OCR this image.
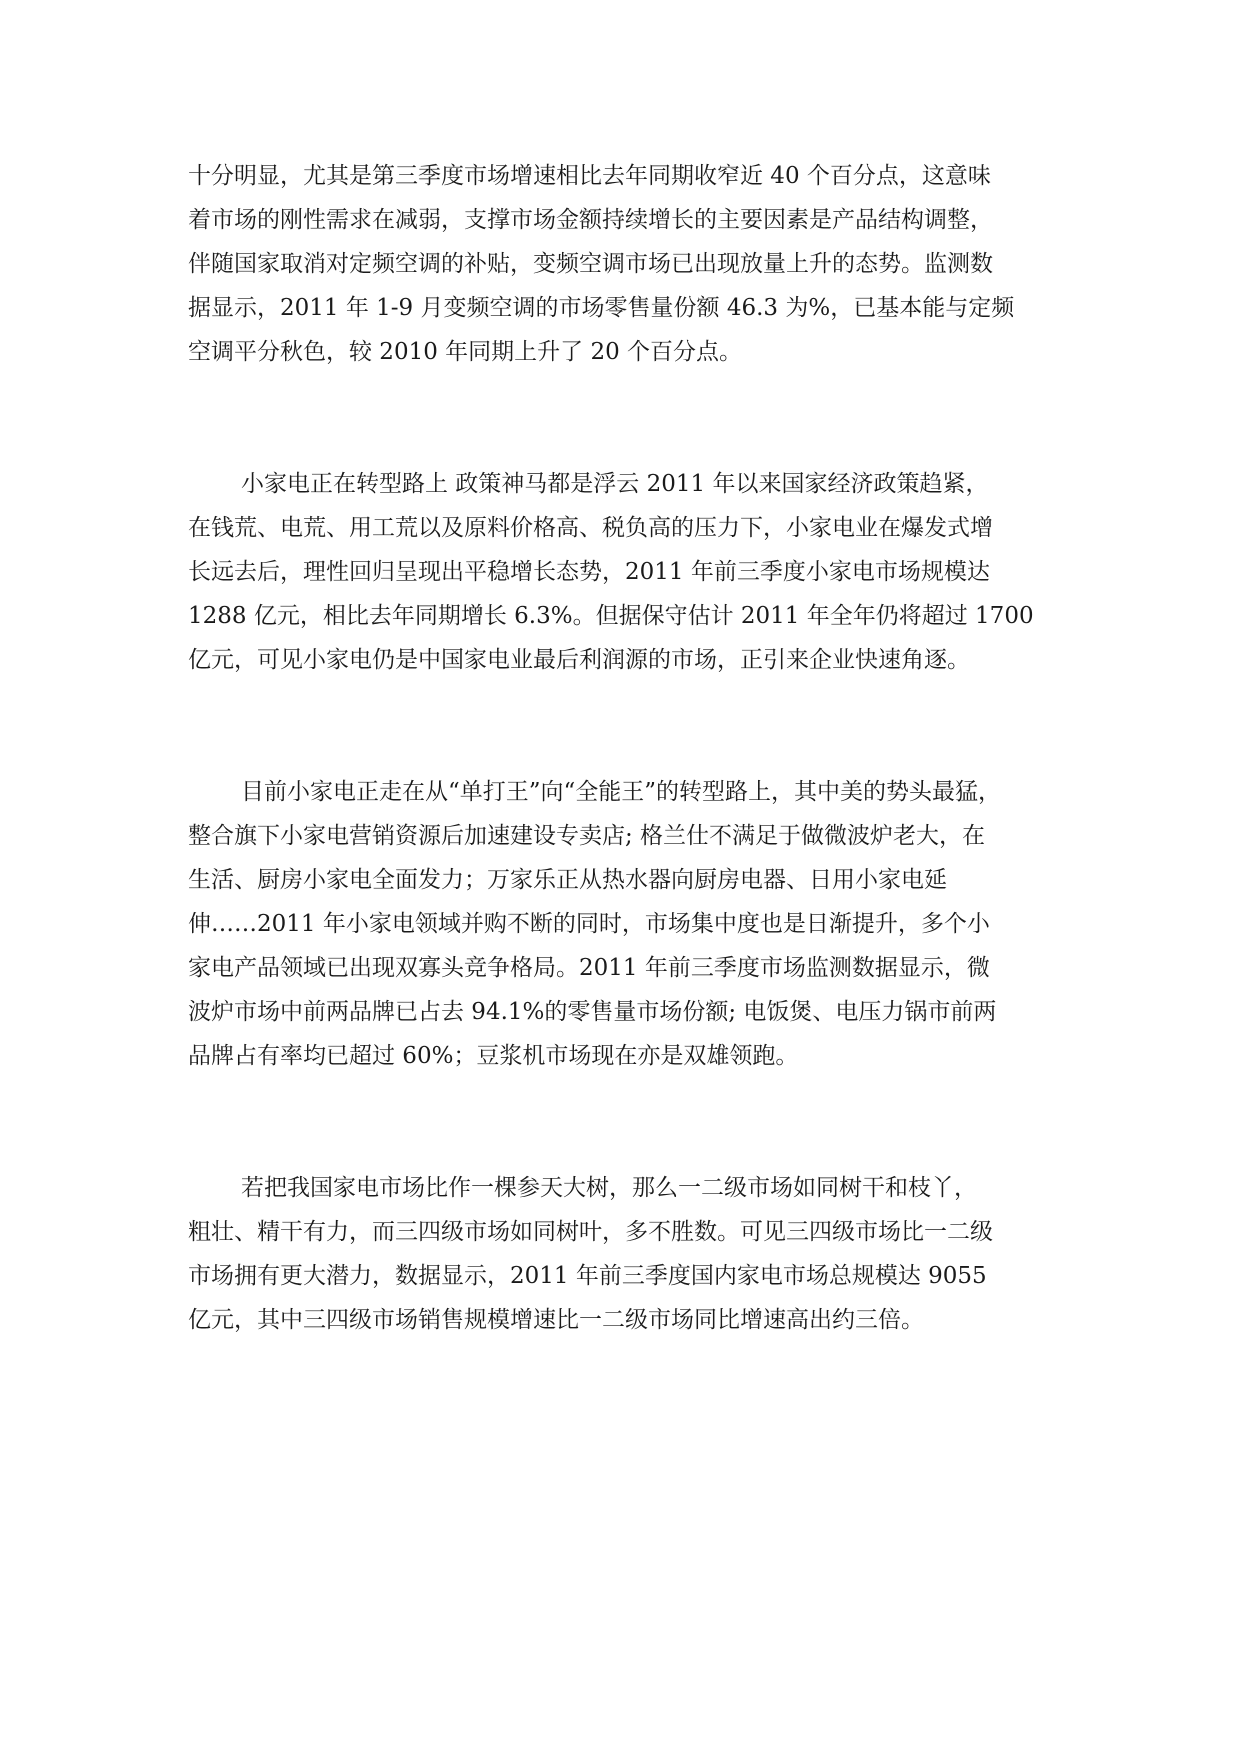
十分明显，尤其是第三季度市场增速相比去年同期收窄近 40 个百分点，这意味
着市场的刚性需求在减弱，支撑市场金额持续增长的主要因素是产品结构调整，
伴随国家取消对定频空调的补贴，变频空调市场已出现放量上升的态势。监测数
据显示，2011 年 1-9 月变频空调的市场零售量份额 46.3 为%，已基本能与定频
空调平分秋色，较 2010 年同期上升了 20 个百分点。
小家电正在转型路上 政策神马都是浮云 2011 年以来国家经济政策趋紧，
在钱荒、电荒、用工荒以及原料价格高、税负高的压力下，小家电业在爆发式增
长远去后，理性回归呈现出平稳增长态势，2011 年前三季度小家电市场规模达
1288 亿元，相比去年同期增长 6.3%。但据保守估计 2011 年全年仍将超过 1700
亿元，可见小家电仍是中国家电业最后利润源的市场，正引来企业快速角逐。
目前小家电正走在从“单打王”向“全能王”的转型路上，其中美的势头最猛，
整合旗下小家电营销资源后加速建设专卖店; 格兰仕不满足于做微波炉老大，在
生活、厨房小家电全面发力；万家乐正从热水器向厨房电器、日用小家电延
伸……2011 年小家电领域并购不断的同时，市场集中度也是日渐提升，多个小
家电产品领域已出现双寡头竞争格局。2011 年前三季度市场监测数据显示，微
波炉市场中前两品牌已占去 94.1%的零售量市场份额; 电饭煲、电压力锅市前两
品牌占有率均已超过 60%；豆浆机市场现在亦是双雄领跑。
若把我国家电市场比作一棵参天大树，那么一二级市场如同树干和枝丫，
粗壮、精干有力，而三四级市场如同树叶，多不胜数。可见三四级市场比一二级
市场拥有更大潜力，数据显示，2011 年前三季度国内家电市场总规模达 9055
亿元，其中三四级市场销售规模增速比一二级市场同比增速高出约三倍。
